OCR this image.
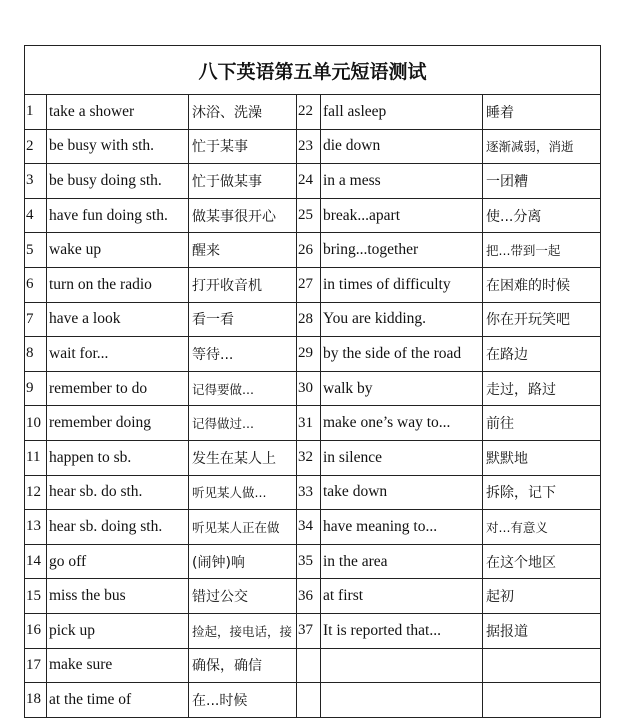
八下英语第五单元短语测试					
1	take a shower	沐浴、洗澡	22	fall asleep	睡着
2	be busy with sth.	忙于某事	23	die down	逐渐减弱，消逝
3	be busy doing sth.	忙于做某事	24	in a mess	一团糟
4	have fun doing sth.	做某事很开心	25	break...apart	使...分离
5	wake up	醒来	26	bring...together	把...带到一起
6	turn on the radio	打开收音机	27	in times of difficulty	在困难的时候
7	have a look	看一看	28	You are kidding.	你在开玩笑吧
8	wait for...	等待...	29	by the side of the road	在路边
9	remember to do	记得要做...	30	walk by	走过，路过
10	remember doing	记得做过...	31	make one’s way to...	前往
11	happen to sb.	发生在某人上	32	in silence	默默地
12	hear sb. do sth.	听见某人做...	33	take down	拆除，记下
13	hear sb. doing sth.	听见某人正在做	34	have meaning to...	对...有意义
14	go off	(闹钟)响	35	in the area	在这个地区
15	miss the bus	错过公交	36	at first	起初
16	pick up	捡起，接电话，接	37	It is reported that...	据报道
17	make sure	确保，确信			
18	at the time of	在...时候			
